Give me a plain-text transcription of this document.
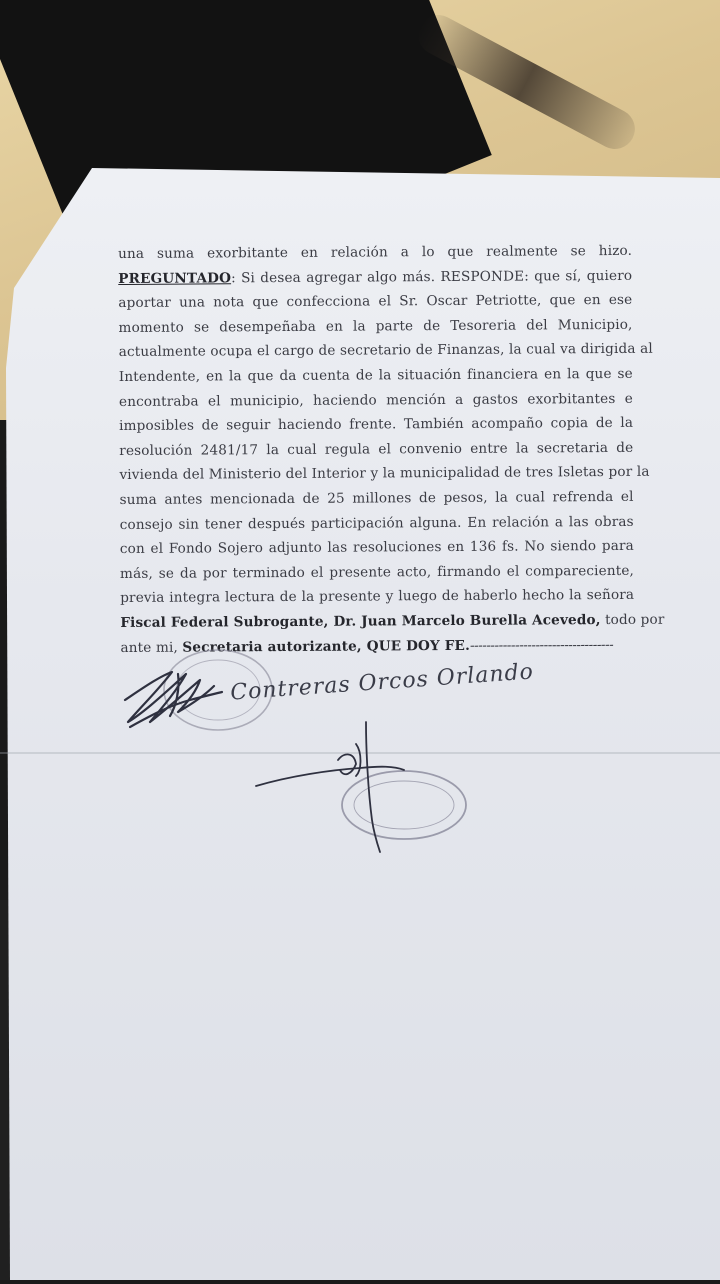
una suma exorbitante en relación a lo que realmente se hizo.
PREGUNTADO: Si desea agregar algo más. RESPONDE: que sí, quiero
aportar una nota que confecciona el Sr. Oscar Petriotte, que en ese
momento se desempeñaba en la parte de Tesoreria del Municipio,
actualmente ocupa el cargo de secretario de Finanzas, la cual va dirigida al
Intendente, en la que da cuenta de la situación financiera en la que se
encontraba el municipio, haciendo mención a gastos exorbitantes e
imposibles de seguir haciendo frente. También acompaño copia de la
resolución 2481/17 la cual regula el convenio entre la secretaria de
vivienda del Ministerio del Interior y la municipalidad de tres Isletas por la
suma antes mencionada de 25 millones de pesos, la cual refrenda el
consejo sin tener después participación alguna. En relación a las obras
con el Fondo Sojero adjunto las resoluciones en 136 fs. No siendo para
más, se da por terminado el presente acto, firmando el compareciente,
previa integra lectura de la presente y luego de haberlo hecho la señora
Fiscal Federal Subrogante, Dr. Juan Marcelo Burella Acevedo, todo por
ante mi, Secretaria autorizante, QUE DOY FE.-----------------------------------
Contreras Orcos Orlando
